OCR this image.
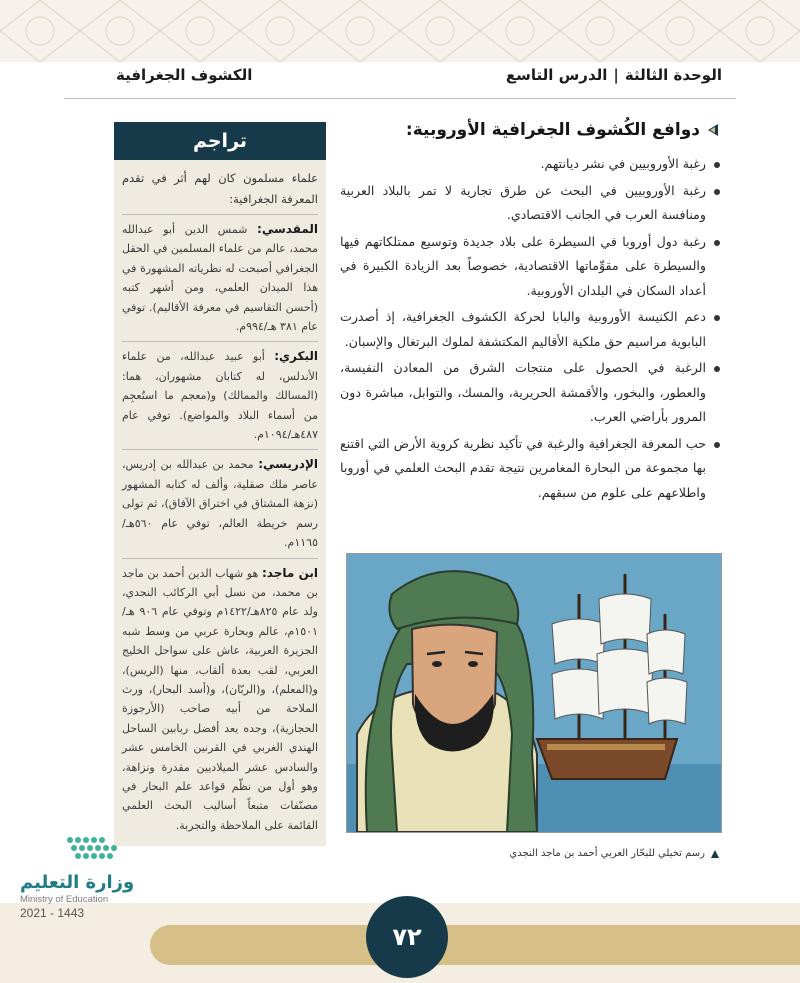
الوحدة الثالثة|الدرس التاسع
الكشوف الجغرافية
دوافع الكُشوف الجغرافية الأوروبية:
رغبة الأوروبيين في نشر ديانتهم.
رغبة الأوروبيين في البحث عن طرق تجارية لا تمر بالبلاد العربية ومنافسة العرب في الجانب الاقتصادي.
رغبة دول أوروبا في السيطرة على بلاد جديدة وتوسيع ممتلكاتهم فيها والسيطرة على مقوِّماتها الاقتصادية، خصوصاً بعد الزيادة الكبيرة في أعداد السكان في البلدان الأوروبية.
دعم الكنيسة الأوروبية والبابا لحركة الكشوف الجغرافية، إذ أصدرت البابوية مراسيم حق ملكية الأقاليم المكتشفة لملوك البرتغال والإسبان.
الرغبة في الحصول على منتجات الشرق من المعادن النفيسة، والعطور، والبخور، والأقمشة الحريرية، والمسك، والتوابل، مباشرة دون المرور بأراضي العرب.
حب المعرفة الجغرافية والرغبة في تأكيد نظرية كروية الأرض التي اقتنع بها مجموعة من البحارة المغامرين نتيجة تقدم البحث العلمي في أوروبا واطلاعهم على علوم من سبقهم.
رسم تخيلي للبحّار العربي أحمد بن ماجد النجدي
تراجم
علماء مسلمون كان لهم أثر في تقدم المعرفة الجغرافية:
المقدسي: شمس الدين أبو عبدالله محمد، عالم من علماء المسلمين في الحقل الجغرافي أصبحت له نظرياته المشهورة في هذا الميدان العلمي، ومن أشهر كتبه (أحسن التقاسيم في معرفة الأقاليم). توفي عام ٣٨١ هـ/٩٩٤م.
البكري: أبو عبيد عبدالله، من علماء الأندلس، له كتابان مشهوران، هما: (المسالك والممالك) و(معجم ما استُعجِم من أسماء البلاد والمواضع). توفي عام ٤٨٧هـ/١٠٩٤م.
الإدريسي: محمد بن عبدالله بن إدريس، عاصر ملك صقلية، وألف له كتابه المشهور (نزهة المشتاق في اختراق الآفاق)، ثم تولى رسم خريطة العالم، توفي عام ٥٦٠هـ/١١٦٥م.
ابن ماجد: هو شهاب الدين أحمد بن ماجد بن محمد، من نسل أبي الركائب النجدي، ولد عام ٨٢٥هـ/١٤٢٢م وتوفي عام ٩٠٦ هـ/١٥٠١م، عالم وبحارة عربي من وسط شبه الجزيرة العربية، عاش على سواحل الخليج العربي، لقب بعدة ألقاب، منها (الريس)، و(المعلم)، و(الربّان)، و(أسد البحار)، ورث الملاحة من أبيه صاحب (الأرجوزة الحجازية)، وجده يعد أفضل ربابين الساحل الهندي الغربي في القرنين الخامس عشر والسادس عشر الميلاديين مقدرة ونزاهة، وهو أول من نظّم قواعد علم البحار في مصنّفات متبعاً أساليب البحث العلمي القائمة على الملاحظة والتجربة.
وزارة التعليم
Ministry of Education
2021 - 1443
٧٢
